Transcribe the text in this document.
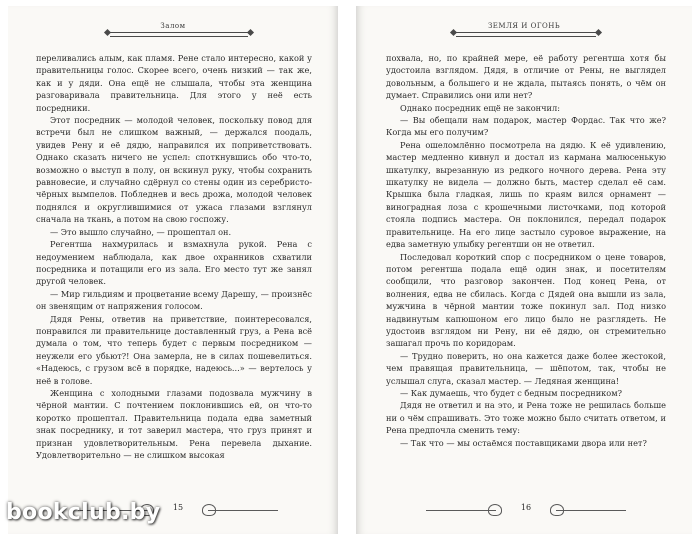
Залом

переливались алым, как пламя. Рене стало интересно, какой у правительницы голос. Скорее всего, очень низкий — так же, как и у дяди. Она ещё не слышала, чтобы эта женщина разговаривала правительница. Для этого у неё есть посредники.

Этот посредник — молодой человек, поскольку повод для встречи был не слишком важный, — держался поодаль, увидев Рену и её дядю, направился их поприветствовать. Однако сказать ничего не успел: споткнувшись обо что-то, возможно о выступ в полу, он вскинул руку, чтобы сохранить равновесие, и случайно сдёрнул со стены один из серебристо-чёрных вымпелов. Побледнев и весь дрожа, молодой человек поднялся и округлившимися от ужаса глазами взглянул сначала на ткань, а потом на свою госпожу.

— Это вышло случайно, — прошептал он.

Регентша нахмурилась и взмахнула рукой. Рена с недоумением наблюдала, как двое охранников схватили посредника и потащили его из зала. Его место тут же занял другой человек.

— Мир гильдиям и процветание всему Дарешу, — произнёс он звенящим от напряжения голосом.

Дядя Рены, ответив на приветствие, поинтересовался, понравился ли правительнице доставленный груз, а Рена всё думала о том, что теперь будет с первым посредником — неужели его убьют?! Она замерла, не в силах пошевелиться. «Надеюсь, с грузом всё в порядке, надеюсь...» — вертелось у неё в голове.

Женщина с холодными глазами подозвала мужчину в чёрной мантии. С почтением поклонившись ей, он что-то коротко прошептал. Правительница подала едва заметный знак посреднику, и тот заверил мастера, что груз принят и признан удовлетворительным. Рена перевела дыхание. Удовлетворительно — не слишком высокая

15
ЗЕМЛЯ И ОГОНЬ

похвала, но, по крайней мере, её работу регентша хотя бы удостоила взглядом. Дядя, в отличие от Рены, не выглядел довольным, а большего и не ждала, пытаясь понять, о чём он думает. Справились они или нет?

Однако посредник ещё не закончил:

— Вы обещали нам подарок, мастер Фордас. Так что же? Когда мы его получим?

Рена ошеломлённо посмотрела на дядю. К её удивлению, мастер медленно кивнул и достал из кармана малюсенькую шкатулку, вырезанную из редкого ночного дерева. Рена эту шкатулку не видела — должно быть, мастер сделал её сам. Крышка была гладкая, лишь по краям вился орнамент — виноградная лоза с крошечными листочками, под которой стояла подпись мастера. Он поклонился, передал подарок правительнице. На его лице застыло суровое выражение, на едва заметную улыбку регентши он не ответил.

Последовал короткий спор с посредником о цене товаров, потом регентша подала ещё один знак, и посетителям сообщили, что разговор закончен. Под конец Рена, от волнения, едва не сбилась. Когда с Дядей она вышли из зала, мужчина в чёрной мантии тоже покинул зал. Под низко надвинутым капюшоном его лицо было не разглядеть. Не удостоив взглядом ни Рену, ни её дядю, он стремительно зашагал прочь по коридорам.

— Трудно поверить, но она кажется даже более жестокой, чем правящая правительница, — шёпотом, так, чтобы не услышал слуга, сказал мастер. — Ледяная женщина!

— Как думаешь, что будет с бедным посредником?

Дядя не ответил и на это, и Рена тоже не решилась больше ни о чём спрашивать. Это тоже можно было считать ответом, и Рена предпочла сменить тему:

— Так что — мы остаёмся поставщиками двора или нет?

16
bookclub.by
